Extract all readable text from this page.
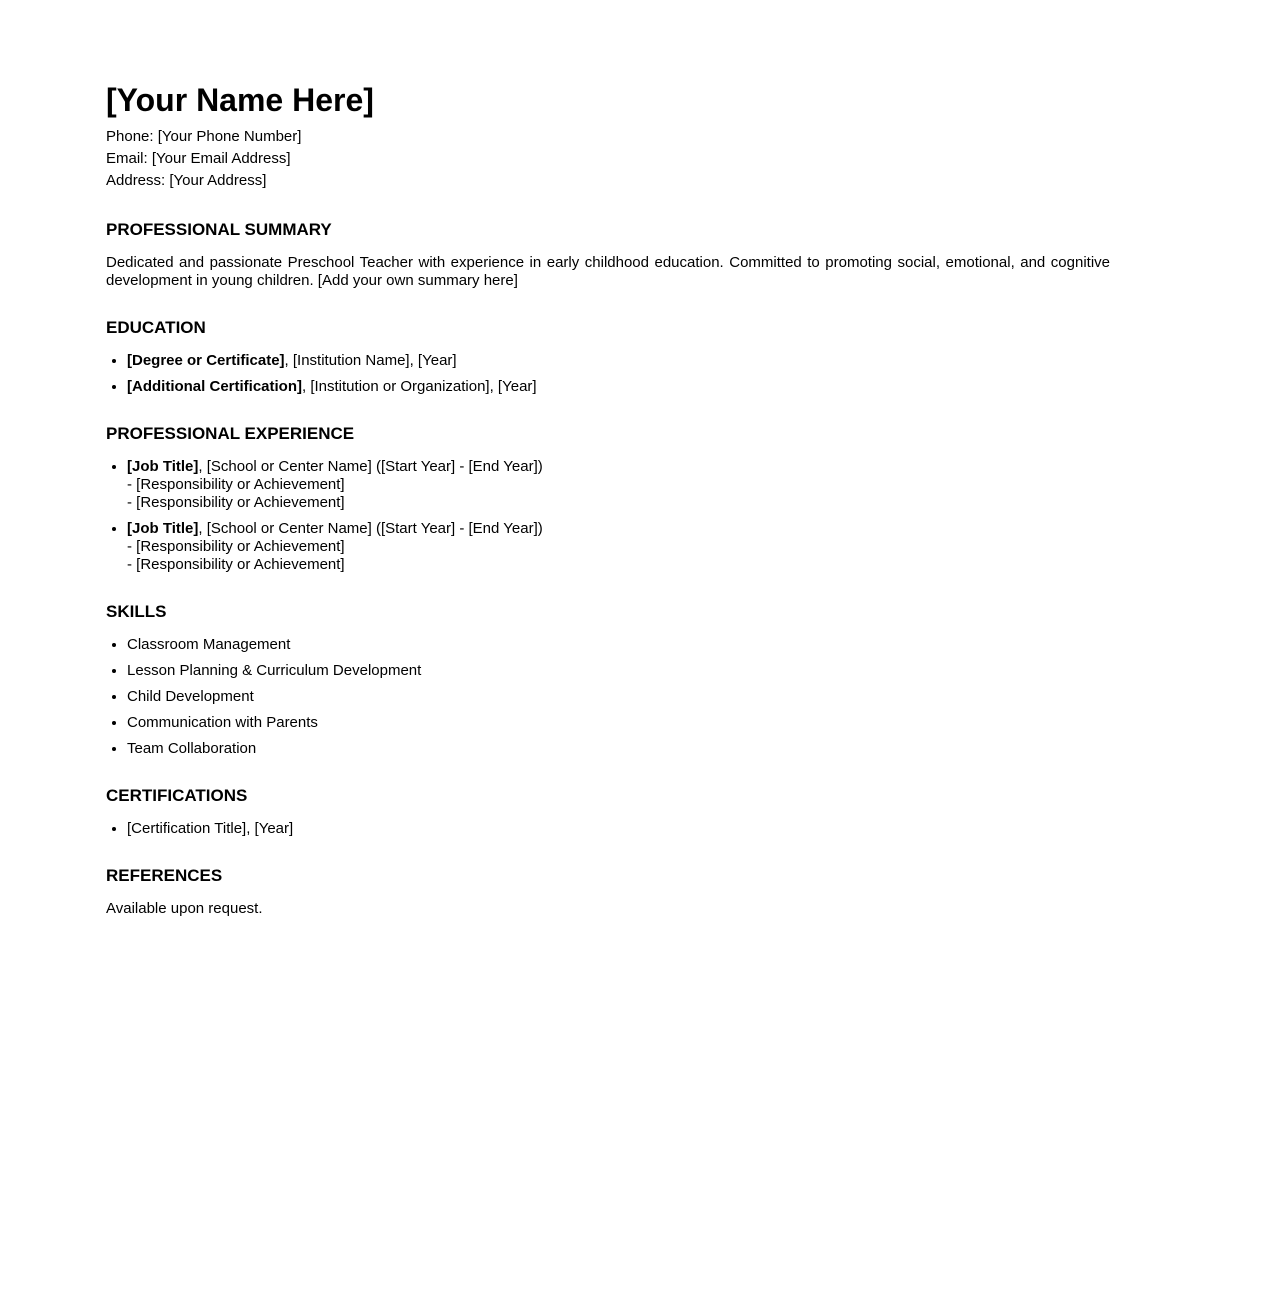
[Your Name Here]

Phone: [Your Phone Number]

Email: [Your Email Address]

Address: [Your Address]

PROFESSIONAL SUMMARY

Dedicated and passionate Preschool Teacher with experience in early childhood education. Committed to promoting social, emotional, and cognitive development in young children. [Add your own summary here]

EDUCATION
• [Degree or Certificate], [Institution Name], [Year]
• [Additional Certification], [Institution or Organization], [Year]
PROFESSIONAL EXPERIENCE
• [Job Title], [School or Center Name] ([Start Year] - [End Year])
- [Responsibility or Achievement]
- [Responsibility or Achievement]
• [Job Title], [School or Center Name] ([Start Year] - [End Year])
- [Responsibility or Achievement]
- [Responsibility or Achievement]
SKILLS
• Classroom Management
• Lesson Planning & Curriculum Development
• Child Development
• Communication with Parents
• Team Collaboration
CERTIFICATIONS
• [Certification Title], [Year]
REFERENCES

Available upon request.
